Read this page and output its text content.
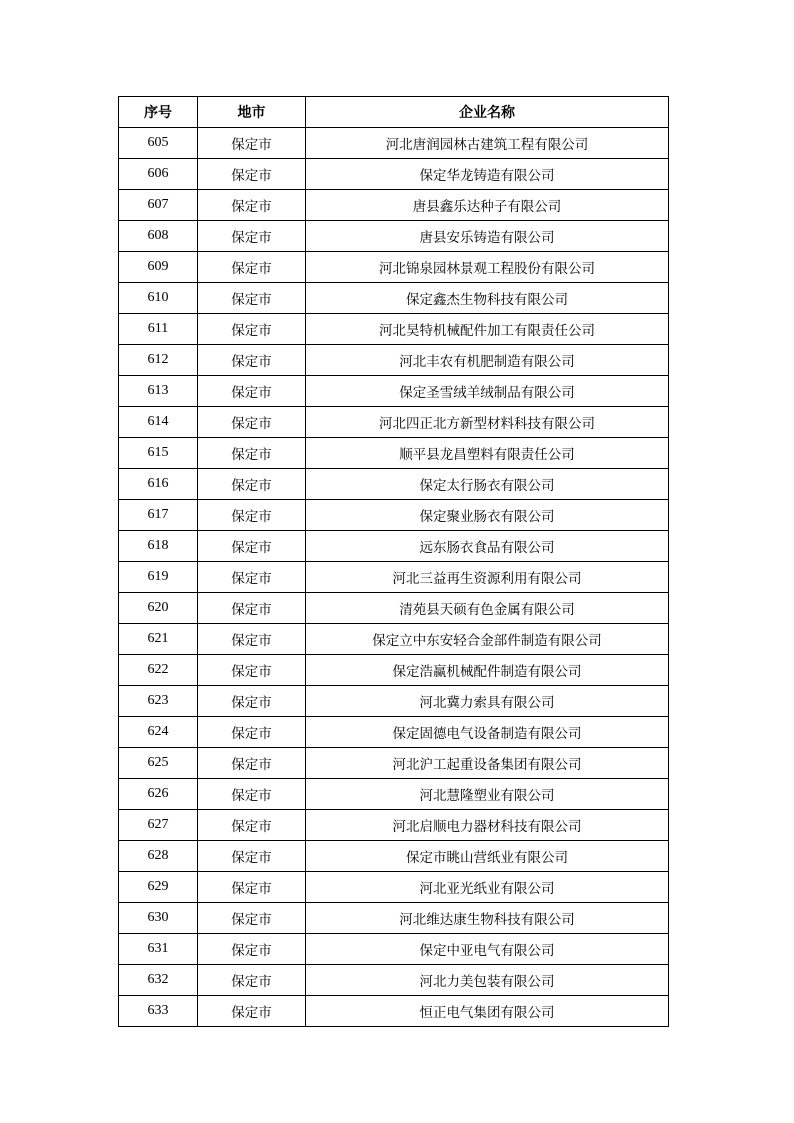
序号	地市	企业名称
605	保定市	河北唐润园林古建筑工程有限公司
606	保定市	保定华龙铸造有限公司
607	保定市	唐县鑫乐达种子有限公司
608	保定市	唐县安乐铸造有限公司
609	保定市	河北锦泉园林景观工程股份有限公司
610	保定市	保定鑫杰生物科技有限公司
611	保定市	河北昊特机械配件加工有限责任公司
612	保定市	河北丰农有机肥制造有限公司
613	保定市	保定圣雪绒羊绒制品有限公司
614	保定市	河北四正北方新型材料科技有限公司
615	保定市	顺平县龙昌塑料有限责任公司
616	保定市	保定太行肠衣有限公司
617	保定市	保定聚业肠衣有限公司
618	保定市	远东肠衣食品有限公司
619	保定市	河北三益再生资源利用有限公司
620	保定市	清苑县天硕有色金属有限公司
621	保定市	保定立中东安轻合金部件制造有限公司
622	保定市	保定浩赢机械配件制造有限公司
623	保定市	河北冀力索具有限公司
624	保定市	保定固德电气设备制造有限公司
625	保定市	河北沪工起重设备集团有限公司
626	保定市	河北慧隆塑业有限公司
627	保定市	河北启顺电力器材科技有限公司
628	保定市	保定市眺山营纸业有限公司
629	保定市	河北亚光纸业有限公司
630	保定市	河北维达康生物科技有限公司
631	保定市	保定中亚电气有限公司
632	保定市	河北力美包装有限公司
633	保定市	恒正电气集团有限公司
